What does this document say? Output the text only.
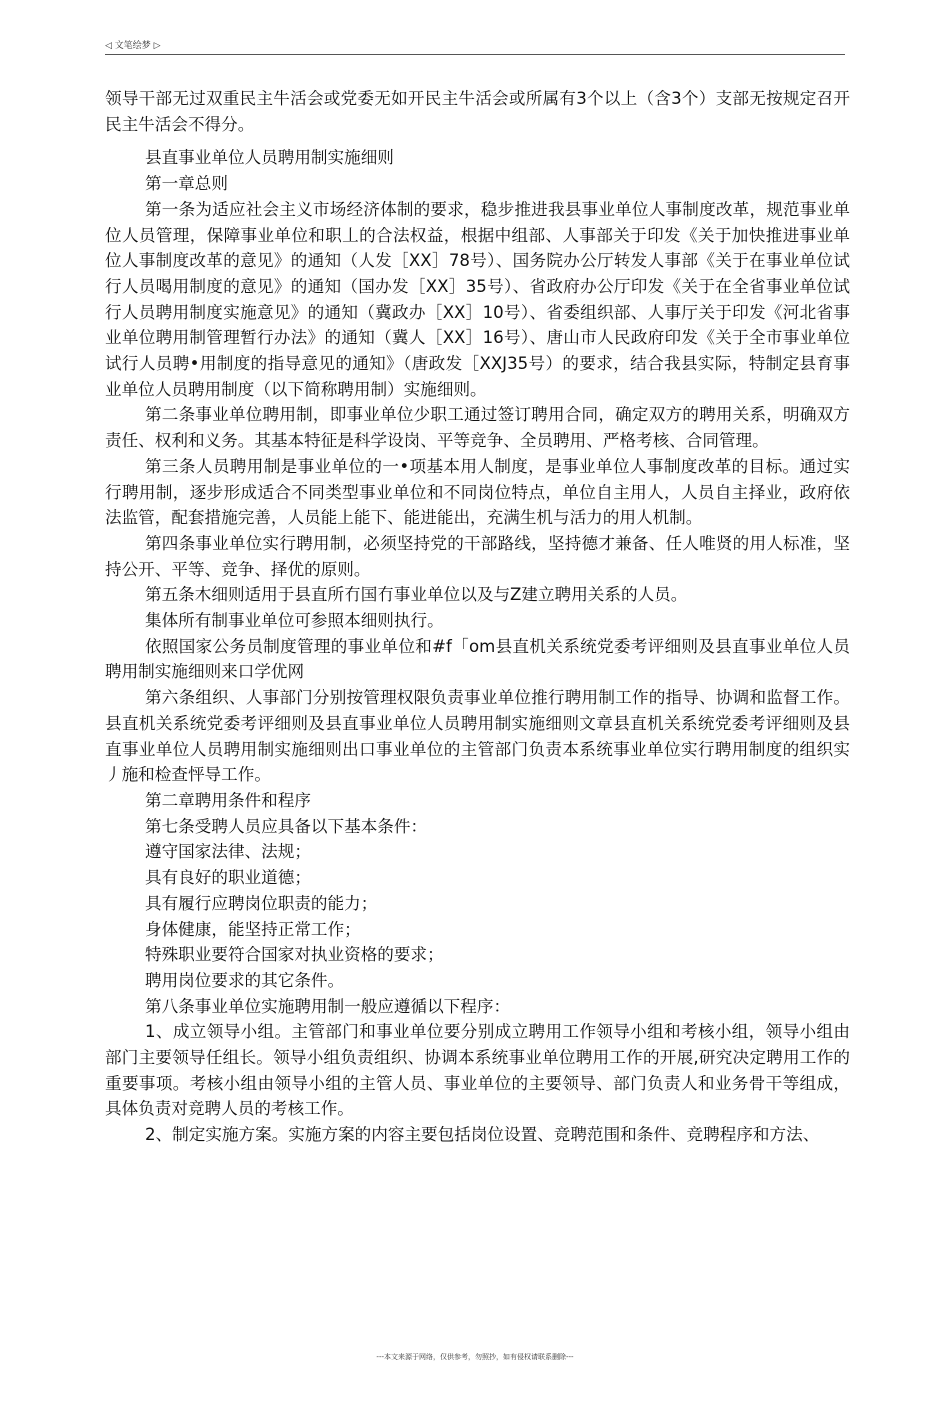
◁ 文笔绘梦 ▷

领导干部无过双重民主牛活会或党委无如开民主牛活会或所属有3个以上（含3个）支部无按规定召开民主牛活会不得分。

县直事业单位人员聘用制实施细则

第一章总则

第一条为适应社会主义市场经济体制的要求，稳步推进我县事业单位人事制度改革，规范事业单位人员管理，保障事业单位和职丄的合法权益，根据中组部、人事部关于印发《关于加快推进事业单位人事制度改革的意见》的通知（人发［XX］78号）、国务院办公厅转发人事部《关于在事业单位试行人员喝用制度的意见》的通知（国办发［XX］35号）、省政府办公厅印发《关于在全省事业单位试行人员聘用制度实施意见》的通知（冀政办［XX］10号）、省委组织部、人事厅关于印发《河北省事业单位聘用制管理暂行办法》的通知（冀人［XX］16号）、唐山市人民政府印发《关于全市事业单位试行人员聘•用制度的指导意见的通知》（唐政发［XXJ35号）的要求，结合我县实际，特制定县育事业单位人员聘用制度（以下简称聘用制）实施细则。

第二条事业单位聘用制，即事业单位少职工通过签订聘用合同，确定双方的聘用关系，明确双方责任、权利和义务。其基本特征是科学设岗、平等竞争、全员聘用、严格考核、合同管理。

第三条人员聘用制是事业单位的一•项基本用人制度，是事业单位人事制度改革的目标。通过实行聘用制，逐步形成适合不同类型事业单位和不同岗位特点，单位自主用人，人员自主择业，政府依法监管，配套措施完善，人员能上能下、能进能出，充满生机与活力的用人机制。

第四条事业单位实行聘用制，必须坚持党的干部路线，坚持德才兼备、任人唯贤的用人标准，坚持公开、平等、竞争、择优的原则。

第五条木细则适用于县直所冇国冇事业单位以及与Z建立聘用关系的人员。

集体所有制事业单位可参照本细则执行。

依照国家公务员制度管理的事业单位和#f「om县直机关系统党委考评细则及县直事业单位人员聘用制实施细则来口学优网

第六条组织、人事部门分别按管理权限负责事业单位推行聘用制工作的指导、协调和监督工作。县直机关系统党委考评细则及县直事业单位人员聘用制实施细则文章县直机关系统党委考评细则及县直事业单位人员聘用制实施细则出口事业单位的主管部门负责本系统事业单位实行聘用制度的组织实丿施和检查怦导工作。

第二章聘用条件和程序

第七条受聘人员应具备以下基本条件：

遵守国家法律、法规；

具有良好的职业道德；

具有履行应聘岗位职责的能力；

身体健康，能坚持正常工作；

特殊职业要符合国家对执业资格的要求；

聘用岗位要求的其它条件。

第八条事业单位实施聘用制一般应遵循以下程序：

1、成立领导小组。主管部门和事业单位要分别成立聘用工作领导小组和考核小组，领导小组由部门主要领导任组长。领导小组负责组织、协调本系统事业单位聘用工作的开展,研究决定聘用工作的重要事项。考核小组由领导小组的主管人员、事业单位的主要领导、部门负责人和业务骨干等组成，具体负责对竞聘人员的考核工作。

2、制定实施方案。实施方案的内容主要包括岗位设置、竞聘范围和条件、竞聘程序和方法、

---本文来源于网络，仅供参考，勿照抄，如有侵权请联系删除---
